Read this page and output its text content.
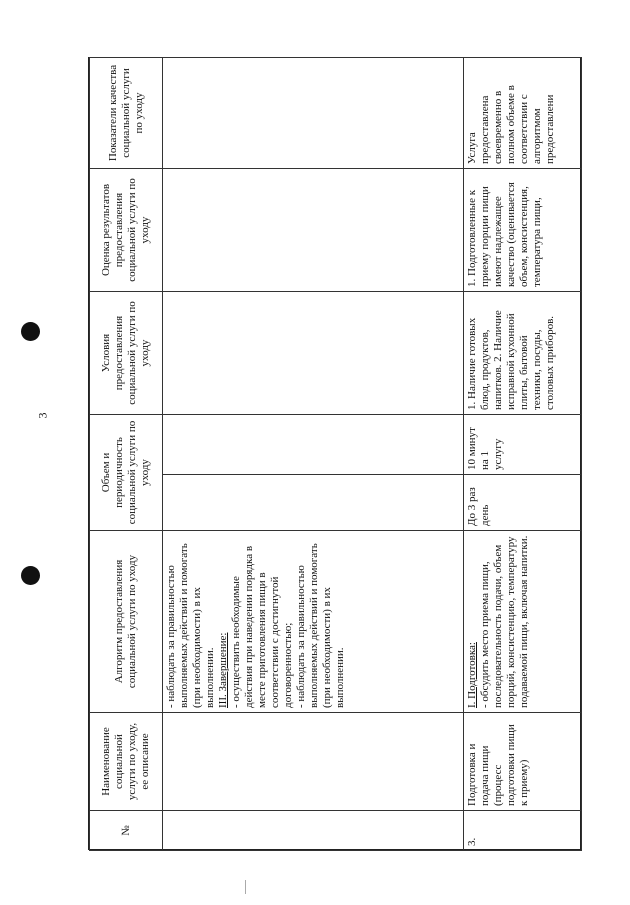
3
№	Наименование социальной услуги по уходу, ее описание	Алгоритм предоставления социальной услуги по уходу	Объем и периодичность социальной услуги по уходу		Условия предоставления социальной услуги по уходу	Оценка результатов предоставления социальной услуги по уходу	Показатели качества социальной услуги по уходу

		- наблюдать за правильностью выполняемых действий и помогать (при необходимости) в их выполнении. III. Завершение: - осуществить необходимые действия при наведении порядка в месте приготовления пищи в соответствии с достигнутой договоренностью; - наблюдать за правильностью выполняемых действий и помогать (при необходимости) в их выполнении.					

3.	Подготовка и подача пищи (процесс подготовки пищи к приему)	I. Подготовка: - обсудить место приема пищи, последовательность подачи, объем порций, консистенцию, температуру подаваемой пищи, включая напитки.	До 3 раз день	10 минут на 1 услугу	1. Наличие готовых блюд, продуктов, напитков. 2. Наличие исправной кухонной плиты, бытовой техники, посуды, столовых приборов.	1. Подготовленные к приему порции пищи имеют надлежащее качество (оценивается объем, консистенция, температура пищи,	Услуга предоставлена своевременно в полном объеме в соответствии с алгоритмом предоставлени
